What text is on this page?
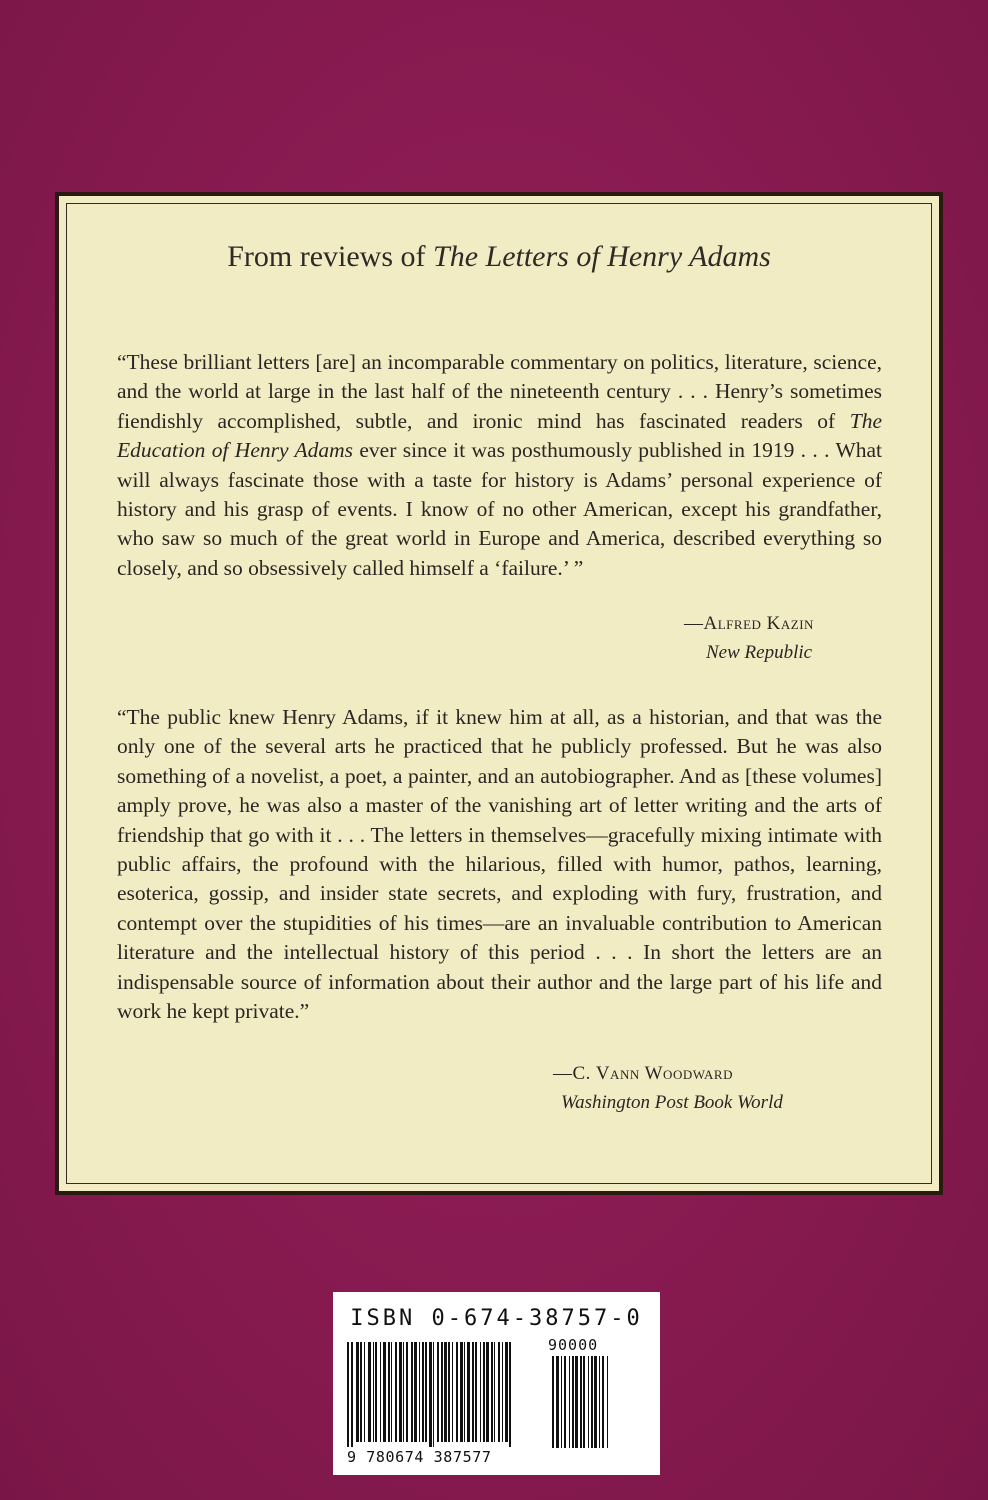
From reviews of The Letters of Henry Adams

“These brilliant letters [are] an incomparable commentary on politics, literature, science, and the world at large in the last half of the nineteenth century . . . Henry’s sometimes fiendishly accomplished, subtle, and ironic mind has fascinated readers of The Education of Henry Adams ever since it was posthumously published in 1919 . . . What will always fascinate those with a taste for history is Adams’ personal experience of history and his grasp of events. I know of no other American, except his grandfather, who saw so much of the great world in Europe and America, described everything so closely, and so obsessively called himself a ‘failure.’ ”

—Alfred Kazin
New Republic

“The public knew Henry Adams, if it knew him at all, as a historian, and that was the only one of the several arts he practiced that he publicly professed. But he was also something of a novelist, a poet, a painter, and an autobiographer. And as [these volumes] amply prove, he was also a master of the vanishing art of letter writing and the arts of friendship that go with it . . . The letters in themselves—gracefully mixing intimate with public affairs, the profound with the hilarious, filled with humor, pathos, learning, esoterica, gossip, and insider state secrets, and exploding with fury, frustration, and contempt over the stupidities of his times—are an invaluable contribution to American literature and the intellectual history of this period . . . In short the letters are an indispensable source of information about their author and the large part of his life and work he kept private.”

—C. Vann Woodward
Washington Post Book World
ISBN 0-674-38757-0
90000
9 780674 387577
